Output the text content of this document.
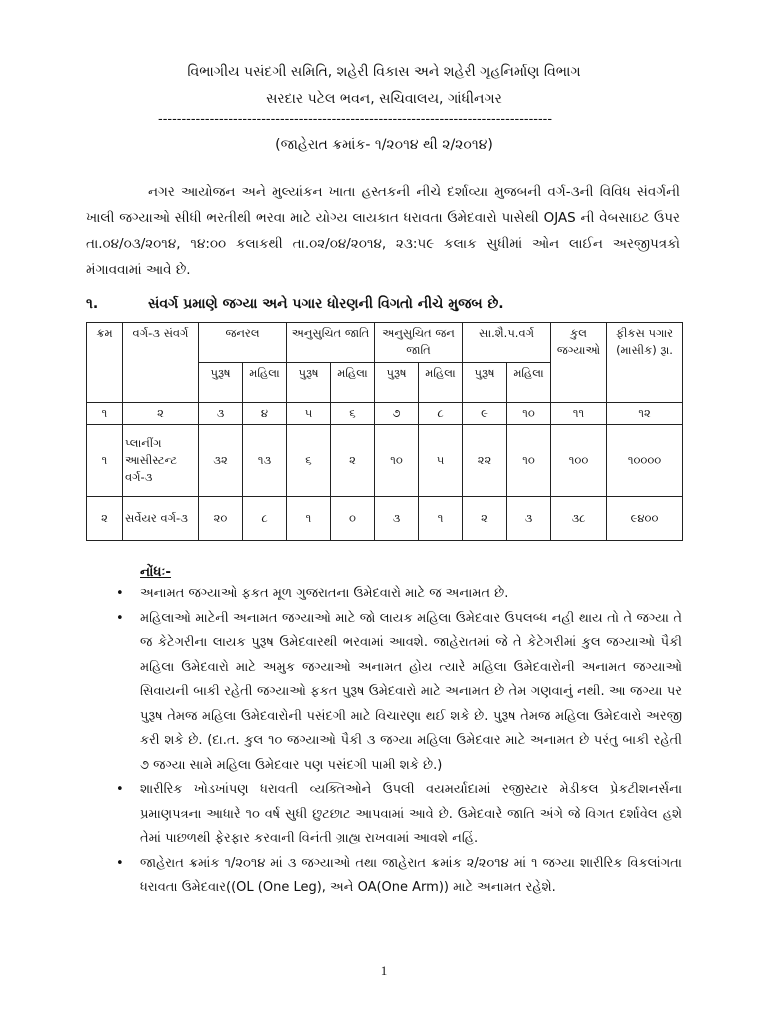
વિભાગીય પસંદગી સમિતિ, શહેરી વિકાસ અને શહેરી ગૃહનિર્માણ વિભાગ
સરદાર પટેલ ભવન, સચિવાલય, ગાંધીનગર
------------------------------------------------------------------------------------
(જાહેરાત ક્રમાંક- ૧/૨૦૧૪ થી ૨/૨૦૧૪)

નગર આયોજન અને મુલ્યાંકન ખાતા હસ્તકની નીચે દર્શાવ્યા મુજબની વર્ગ-૩ની વિવિધ સંવર્ગની ખાલી જગ્યાઓ સીધી ભરતીથી ભરવા માટે યોગ્ય લાયકાત ધરાવતા ઉમેદવારો પાસેથી OJAS ની વેબસાઇટ ઉપર તા.૦૪/૦૩/૨૦૧૪, ૧૪:૦૦ કલાકથી તા.૦૨/૦૪/૨૦૧૪, ૨૩:૫૯ કલાક સુધીમાં ઓન લાઈન અરજીપત્રકો મંગાવવામાં આવે છે.

૧.	સંવર્ગ પ્રમાણે જગ્યા અને પગાર ધોરણની વિગતો નીચે મુજબ છે.
ક્રમ	વર્ગ-૩ સંવર્ગ	જનરલ		અનુસુચિત જાતિ		અનુસુચિત જન જાતિ		સા.શૈ.પ.વર્ગ		કુલ જગ્યાઓ	ફીકસ પગાર (માસીક) રૂા.
		પુરૂષ	મહિલા	પુરૂષ	મહિલા	પુરૂષ	મહિલા	પુરૂષ	મહિલા		
૧	૨	૩	૪	૫	૬	૭	૮	૯	૧૦	૧૧	૧૨
૧	પ્લાનીંગ આસીસ્ટન્ટ વર્ગ-૩	૩૨	૧૩	૬	૨	૧૦	૫	૨૨	૧૦	૧૦૦	૧૦૦૦૦
૨	સર્વેયર વર્ગ-૩	૨૦	૮	૧	૦	૩	૧	૨	૩	૩૮	૯૪૦૦
નોંધઃ-
• અનામત જગ્યાઓ ફકત મૂળ ગુજરાતના ઉમેદવારો માટે જ અનામત છે.
• મહિલાઓ માટેની અનામત જગ્યાઓ માટે જો લાયક મહિલા ઉમેદવાર ઉપલબ્ધ નહી થાય તો તે જગ્યા તે જ કેટેગરીના લાયક પુરૂષ ઉમેદવારથી ભરવામાં આવશે. જાહેરાતમાં જે તે કેટેગરીમાં કુલ જગ્યાઓ પૈકી મહિલા ઉમેદવારો માટે અમુક જગ્યાઓ અનામત હોય ત્યારે મહિલા ઉમેદવારોની અનામત જગ્યાઓ સિવાયની બાકી રહેતી જગ્યાઓ ફકત પુરૂષ ઉમેદવારો માટે અનામત છે તેમ ગણવાનું નથી. આ જગ્યા પર પુરૂષ તેમજ મહિલા ઉમેદવારોની પસંદગી માટે વિચારણા થઈ શકે છે. પુરૂષ તેમજ મહિલા ઉમેદવારો અરજી કરી શકે છે. (દા.ત. કુલ ૧૦ જગ્યાઓ પૈકી ૩ જગ્યા મહિલા ઉમેદવાર માટે અનામત છે પરંતુ બાકી રહેતી ૭ જગ્યા સામે મહિલા ઉમેદવાર પણ પસંદગી પામી શકે છે.)
• શારીરિક ખોડખાંપણ ધરાવતી વ્યક્તિઓને ઉપલી વયમર્યાદામાં રજીસ્ટાર મેડીકલ પ્રેકટીશનર્સના પ્રમાણપત્રના આધારે ૧૦ વર્ષ સુધી છુટછાટ આપવામાં આવે છે. ઉમેદવારે જાતિ અંગે જે વિગત દર્શાવેલ હશે તેમાં પાછળથી ફેરફાર કરવાની વિનંતી ગ્રાહ્ય રાખવામાં આવશે નહિં.
• જાહેરાત ક્રમાંક ૧/૨૦૧૪ માં ૩ જગ્યાઓ તથા જાહેરાત ક્રમાંક ૨/૨૦૧૪ માં ૧ જગ્યા શારીરિક વિકલાંગતા ધરાવતા ઉમેદવાર((OL (One Leg), અને OA(One Arm)) માટે અનામત રહેશે.
1
